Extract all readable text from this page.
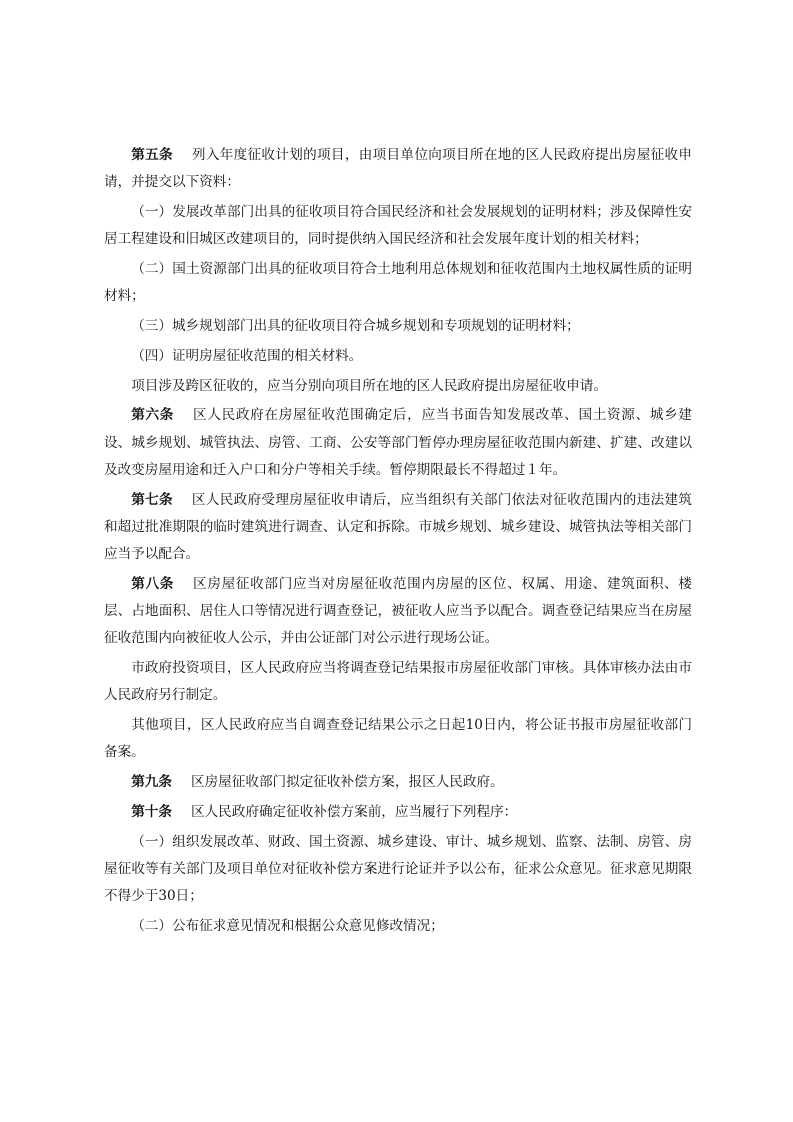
第五条 列入年度征收计划的项目，由项目单位向项目所在地的区人民政府提出房屋征收申请，并提交以下资料：

（一）发展改革部门出具的征收项目符合国民经济和社会发展规划的证明材料；涉及保障性安居工程建设和旧城区改建项目的，同时提供纳入国民经济和社会发展年度计划的相关材料；

（二）国土资源部门出具的征收项目符合土地利用总体规划和征收范围内土地权属性质的证明材料；

（三）城乡规划部门出具的征收项目符合城乡规划和专项规划的证明材料；

（四）证明房屋征收范围的相关材料。

项目涉及跨区征收的，应当分别向项目所在地的区人民政府提出房屋征收申请。

第六条 区人民政府在房屋征收范围确定后，应当书面告知发展改革、国土资源、城乡建设、城乡规划、城管执法、房管、工商、公安等部门暂停办理房屋征收范围内新建、扩建、改建以及改变房屋用途和迁入户口和分户等相关手续。暂停期限最长不得超过１年。

第七条 区人民政府受理房屋征收申请后，应当组织有关部门依法对征收范围内的违法建筑和超过批准期限的临时建筑进行调查、认定和拆除。市城乡规划、城乡建设、城管执法等相关部门应当予以配合。

第八条 区房屋征收部门应当对房屋征收范围内房屋的区位、权属、用途、建筑面积、楼层、占地面积、居住人口等情况进行调查登记，被征收人应当予以配合。调查登记结果应当在房屋征收范围内向被征收人公示，并由公证部门对公示进行现场公证。

市政府投资项目，区人民政府应当将调查登记结果报市房屋征收部门审核。具体审核办法由市人民政府另行制定。

其他项目，区人民政府应当自调查登记结果公示之日起10日内，将公证书报市房屋征收部门备案。

第九条 区房屋征收部门拟定征收补偿方案，报区人民政府。

第十条 区人民政府确定征收补偿方案前，应当履行下列程序：

（一）组织发展改革、财政、国土资源、城乡建设、审计、城乡规划、监察、法制、房管、房屋征收等有关部门及项目单位对征收补偿方案进行论证并予以公布，征求公众意见。征求意见期限不得少于30日；

（二）公布征求意见情况和根据公众意见修改情况；
